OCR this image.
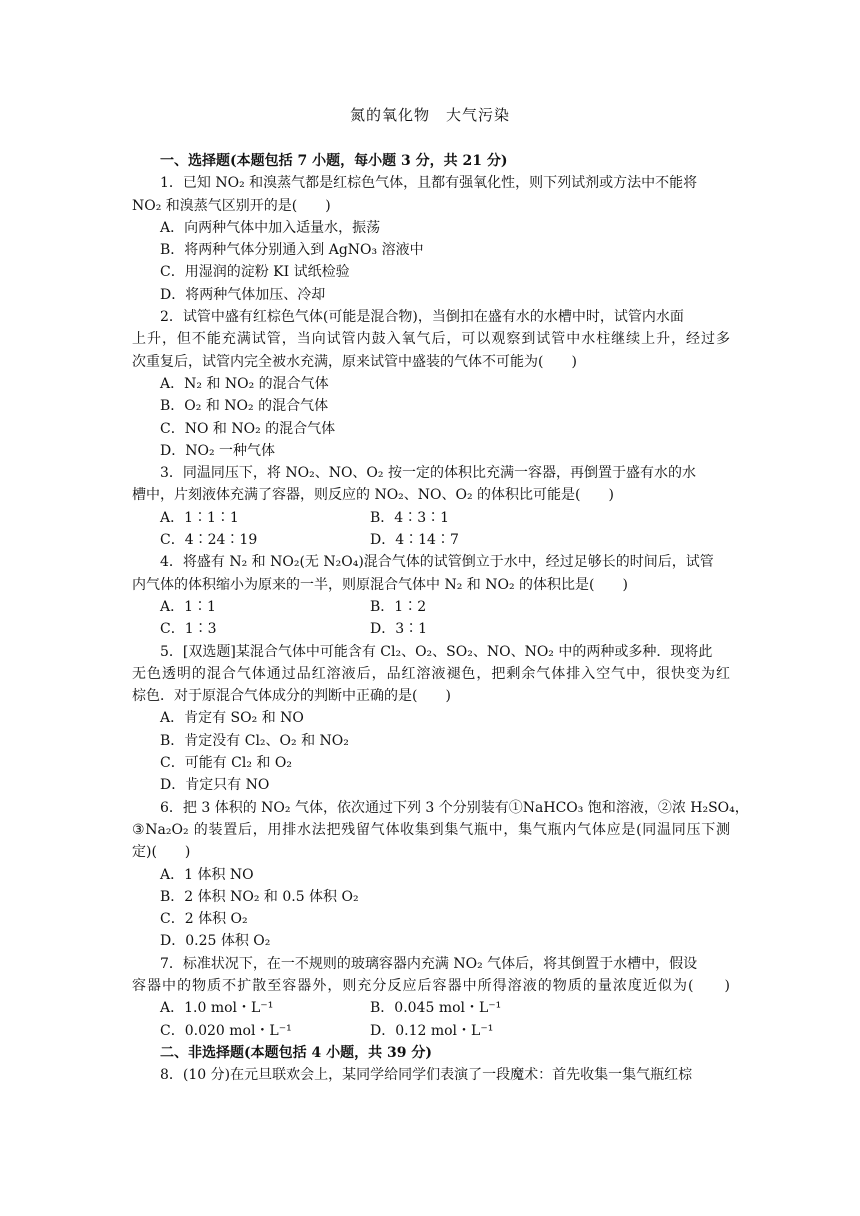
氮的氧化物　大气污染
一、选择题(本题包括 7 小题，每小题 3 分，共 21 分)
1．已知 NO₂ 和溴蒸气都是红棕色气体，且都有强氧化性，则下列试剂或方法中不能将
NO₂ 和溴蒸气区别开的是(　　)
A．向两种气体中加入适量水，振荡
B．将两种气体分别通入到 AgNO₃ 溶液中
C．用湿润的淀粉 KI 试纸检验
D．将两种气体加压、冷却
2．试管中盛有红棕色气体(可能是混合物)，当倒扣在盛有水的水槽中时，试管内水面
上升，但不能充满试管，当向试管内鼓入氧气后，可以观察到试管中水柱继续上升，经过多
次重复后，试管内完全被水充满，原来试管中盛装的气体不可能为(　　)
A．N₂ 和 NO₂ 的混合气体
B．O₂ 和 NO₂ 的混合气体
C．NO 和 NO₂ 的混合气体
D．NO₂ 一种气体
3．同温同压下，将 NO₂、NO、O₂ 按一定的体积比充满一容器，再倒置于盛有水的水
槽中，片刻液体充满了容器，则反应的 NO₂、NO、O₂ 的体积比可能是(　　)
A．1∶1∶1	B．4∶3∶1
C．4∶24∶19	D．4∶14∶7
4．将盛有 N₂ 和 NO₂(无 N₂O₄)混合气体的试管倒立于水中，经过足够长的时间后，试管
内气体的体积缩小为原来的一半，则原混合气体中 N₂ 和 NO₂ 的体积比是(　　)
A．1∶1	B．1∶2
C．1∶3	D．3∶1
5．[双选题]某混合气体中可能含有 Cl₂、O₂、SO₂、NO、NO₂ 中的两种或多种．现将此
无色透明的混合气体通过品红溶液后，品红溶液褪色，把剩余气体排入空气中，很快变为红
棕色．对于原混合气体成分的判断中正确的是(　　)
A．肯定有 SO₂ 和 NO
B．肯定没有 Cl₂、O₂ 和 NO₂
C．可能有 Cl₂ 和 O₂
D．肯定只有 NO
6．把 3 体积的 NO₂ 气体，依次通过下列 3 个分别装有①NaHCO₃ 饱和溶液，②浓 H₂SO₄，
③Na₂O₂ 的装置后，用排水法把残留气体收集到集气瓶中，集气瓶内气体应是(同温同压下测
定)(　　)
A．1 体积 NO
B．2 体积 NO₂ 和 0.5 体积 O₂
C．2 体积 O₂
D．0.25 体积 O₂
7．标准状况下，在一不规则的玻璃容器内充满 NO₂ 气体后，将其倒置于水槽中，假设
容器中的物质不扩散至容器外，则充分反应后容器中所得溶液的物质的量浓度近似为(　　)
A．1.0 mol・L⁻¹	B．0.045 mol・L⁻¹
C．0.020 mol・L⁻¹	D．0.12 mol・L⁻¹
二、非选择题(本题包括 4 小题，共 39 分)
8．(10 分)在元旦联欢会上，某同学给同学们表演了一段魔术：首先收集一集气瓶红棕
